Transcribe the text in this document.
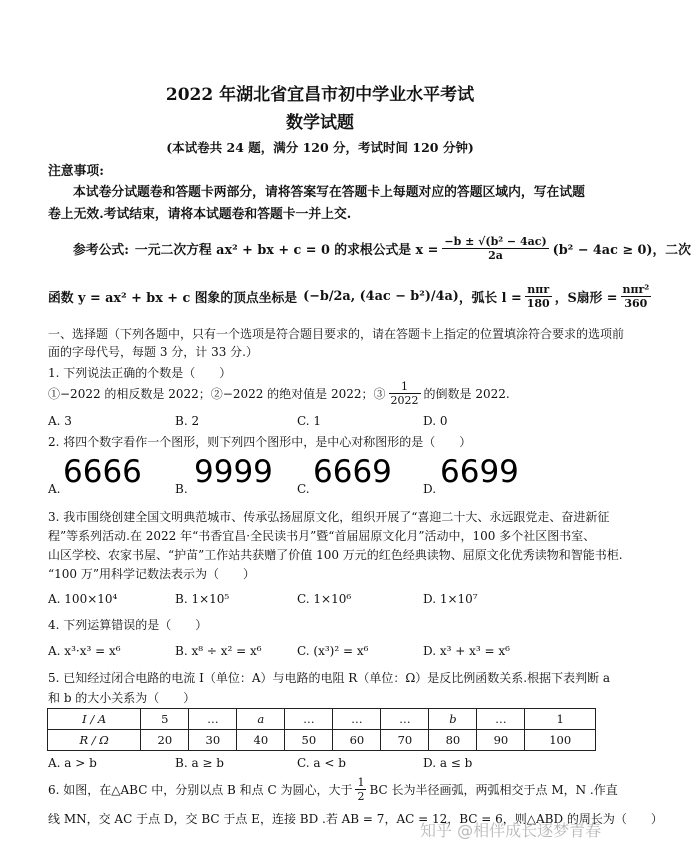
2022 年湖北省宜昌市初中学业水平考试
数学试题
(本试卷共 24 题，满分 120 分，考试时间 120 分钟)
注意事项:
本试卷分试题卷和答题卡两部分，请将答案写在答题卡上每题对应的答题区域内，写在试题
卷上无效.考试结束，请将本试题卷和答题卡一并上交.
参考公式: 一元二次方程 ax² + bx + c = 0 的求根公式是 $x = \frac{\text{−b ± √(b² − 4ac)}}{2a} (b^2 - 4ac \ge 0)$，二次
函数 y = ax² + bx + c 图象的顶点坐标是 (−b/2a, (4ac − b²)/4a) ，弧长 $l = \frac{\text{nπr}}{180}$ ，S扇形 = $\frac{\text{nπr²}}{360}$
一、选择题（下列各题中，只有一个选项是符合题目要求的，请在答题卡上指定的位置填涂符合要求的选项前
面的字母代号，每题 3 分，计 33 分.）
1. 下列说法正确的个数是（　　）
①−2022 的相反数是 2022；②−2022 的绝对值是 2022；③ $\frac{1}{2022}$ 的倒数是 2022.
A. 3	B. 2	C. 1	D. 0
2. 将四个数字看作一个图形，则下列四个图形中，是中心对称图形的是（　　）
A. 6666	B. 9999 C. 6669	D. 6699
3. 我市围绕创建全国文明典范城市、传承弘扬屈原文化，组织开展了“喜迎二十大、永远跟党走、奋进新征
程”等系列活动.在 2022 年“书香宜昌·全民读书月”暨“首届屈原文化月”活动中，100 多个社区图书室、
山区学校、农家书屋、“护苗”工作站共获赠了价值 100 万元的红色经典读物、屈原文化优秀读物和智能书柜.
“100 万”用科学记数法表示为（　　）
A. 100×10⁴	B. 1×10⁵	C. 1×10⁶	D. 1×10⁷
4. 下列运算错误的是（　　）
A. x³·x³ = x⁶	B. x⁸ ÷ x² = x⁶	C. (x³)² = x⁶	D. x³ + x³ = x⁶
5. 已知经过闭合电路的电流 I（单位：A）与电路的电阻 R（单位：Ω）是反比例函数关系.根据下表判断 a
和 b 的大小关系为（　　）
I / A	5	…	a	…	…	…	b	…	1
R / Ω	20	30	40	50	60	70	80	90	100
A. a > b	B. a ≥ b	C. a < b	D. a ≤ b
6. 如图，在△ABC 中，分别以点 B 和点 C 为圆心，大于 $\frac{1}{2}$ BC 长为半径画弧，两弧相交于点 M，N .作直
线 MN，交 AC 于点 D，交 BC 于点 E，连接 BD .若 AB = 7，AC = 12，BC = 6，则△ABD 的周长为（　　）
知乎 @相伴成长逐梦青春
